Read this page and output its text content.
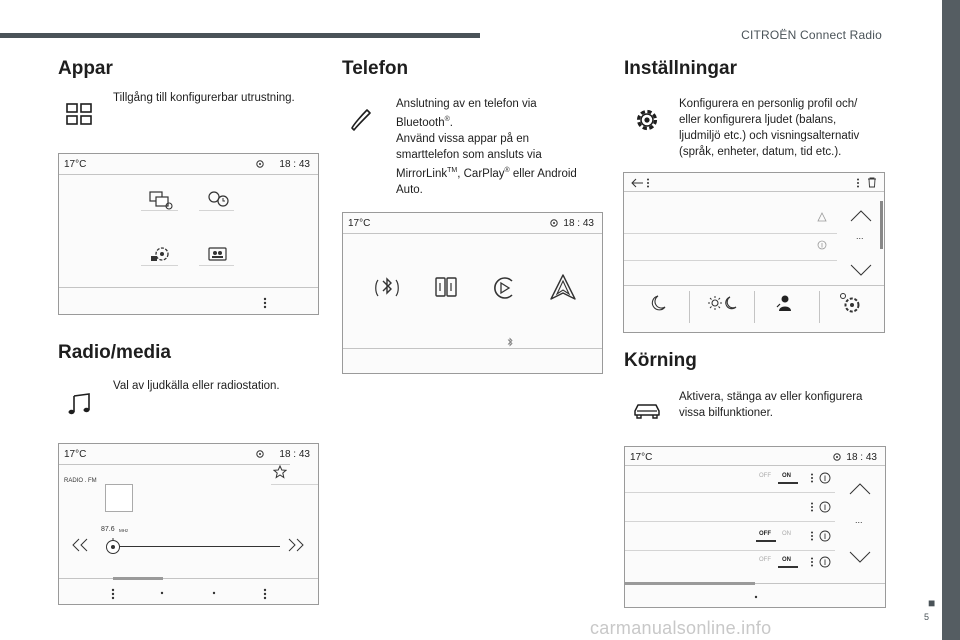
CITROËN Connect Radio
■
5
carmanualsonline.info
Appar
Tillgång till konfigurerbar utrustning.
17°C	18 : 43
Radio/media
Val av ljudkälla eller radiostation.
17°C	18 : 43
RADIO . FM
87.6 MHz
Telefon
Anslutning av en telefon via
Bluetooth®.
Använd vissa appar på en
smarttelefon som ansluts via
MirrorLink™, CarPlay® eller Android
Auto.
17°C	18 : 43
Inställningar
Konfigurera en personlig profil och/
eller konfigurera ljudet (balans,
ljudmiljö etc.) och visningsalternativ
(språk, enheter, datum, tid etc.).
...
Körning
Aktivera, stänga av eller konfigurera
vissa bilfunktioner.
17°C	18 : 43
OFF ON
OFF ON
OFF ON
...
